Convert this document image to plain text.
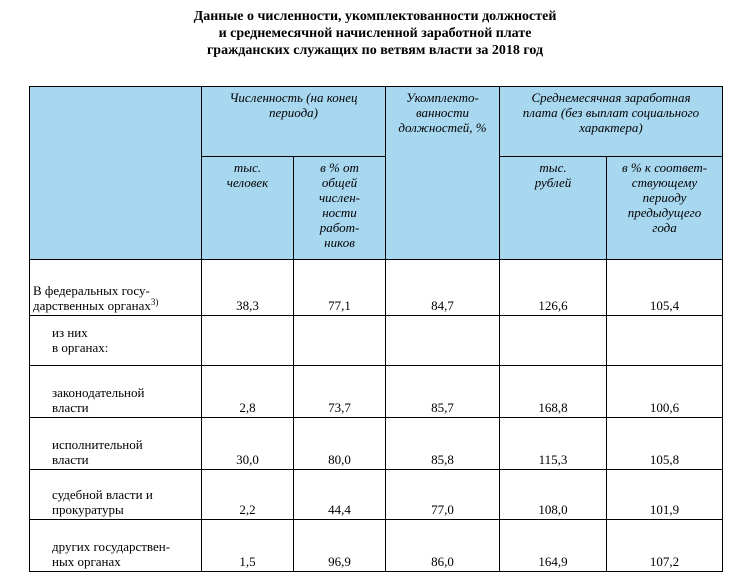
Данные о численности, укомплектованности должностей
и среднемесячной начисленной заработной плате
гражданских служащих по ветвям власти за 2018 год

	Численность (на конец периода)		Укомплекто-ванности должностей, %	Среднемесячная заработная плата (без выплат социального характера)	

	тыс. человек	в % от общей числен-ности работ-ников		тыс. рублей	в % к соответ-ствующему периоду предыдущего года

В федеральных госу-
дарственных органах$^{3)}$	38,3	77,1	84,7	126,6	105,4

из них
в органах:					

законодательной
власти	2,8	73,7	85,7	168,8	100,6

исполнительной
власти	30,0	80,0	85,8	115,3	105,8

судебной власти и
прокуратуры	2,2	44,4	77,0	108,0	101,9

других государствен-
ных органах	1,5	96,9	86,0	164,9	107,2
